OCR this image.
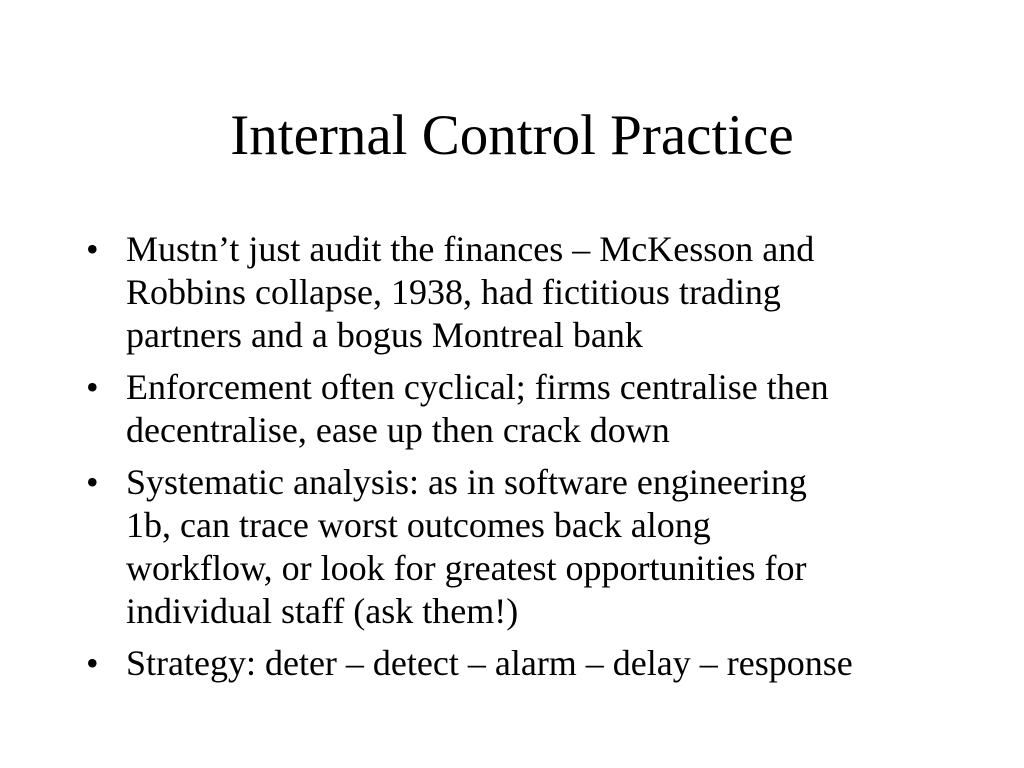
Internal Control Practice
• Mustn’t just audit the finances – McKesson and
Robbins collapse, 1938, had fictitious trading
partners and a bogus Montreal bank
• Enforcement often cyclical; firms centralise then
decentralise, ease up then crack down
• Systematic analysis: as in software engineering
1b, can trace worst outcomes back along
workflow, or look for greatest opportunities for
individual staff (ask them!)
• Strategy: deter – detect – alarm – delay – response
